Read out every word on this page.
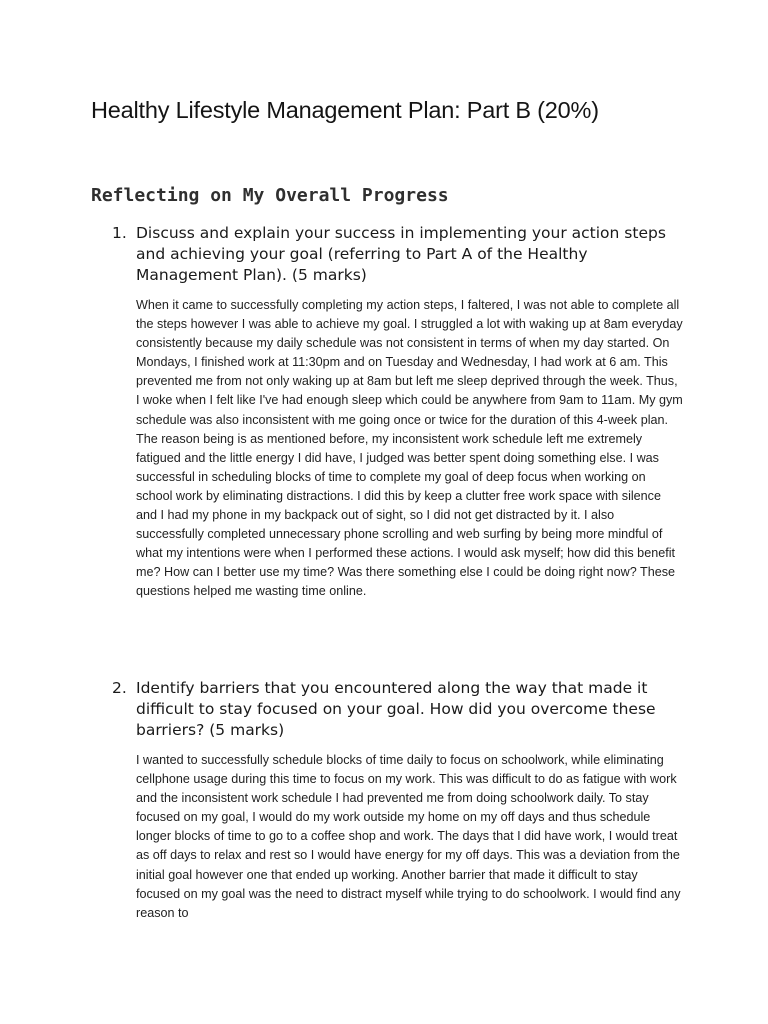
Healthy Lifestyle Management Plan: Part B (20%)
Reflecting on My Overall Progress
1. Discuss and explain your success in implementing your action steps and achieving your goal (referring to Part A of the Healthy Management Plan). (5 marks)

When it came to successfully completing my action steps, I faltered, I was not able to complete all the steps however I was able to achieve my goal. I struggled a lot with waking up at 8am everyday consistently because my daily schedule was not consistent in terms of when my day started. On Mondays, I finished work at 11:30pm and on Tuesday and Wednesday, I had work at 6 am. This prevented me from not only waking up at 8am but left me sleep deprived through the week. Thus, I woke when I felt like I've had enough sleep which could be anywhere from 9am to 11am. My gym schedule was also inconsistent with me going once or twice for the duration of this 4-week plan. The reason being is as mentioned before, my inconsistent work schedule left me extremely fatigued and the little energy I did have, I judged was better spent doing something else. I was successful in scheduling blocks of time to complete my goal of deep focus when working on school work by eliminating distractions. I did this by keep a clutter free work space with silence and I had my phone in my backpack out of sight, so I did not get distracted by it. I also successfully completed unnecessary phone scrolling and web surfing by being more mindful of what my intentions were when I performed these actions. I would ask myself; how did this benefit me? How can I better use my time? Was there something else I could be doing right now? These questions helped me wasting time online.

2. Identify barriers that you encountered along the way that made it difficult to stay focused on your goal. How did you overcome these barriers? (5 marks)

I wanted to successfully schedule blocks of time daily to focus on schoolwork, while eliminating cellphone usage during this time to focus on my work. This was difficult to do as fatigue with work and the inconsistent work schedule I had prevented me from doing schoolwork daily. To stay focused on my goal, I would do my work outside my home on my off days and thus schedule longer blocks of time to go to a coffee shop and work. The days that I did have work, I would treat as off days to relax and rest so I would have energy for my off days. This was a deviation from the initial goal however one that ended up working. Another barrier that made it difficult to stay focused on my goal was the need to distract myself while trying to do schoolwork. I would find any reason to
